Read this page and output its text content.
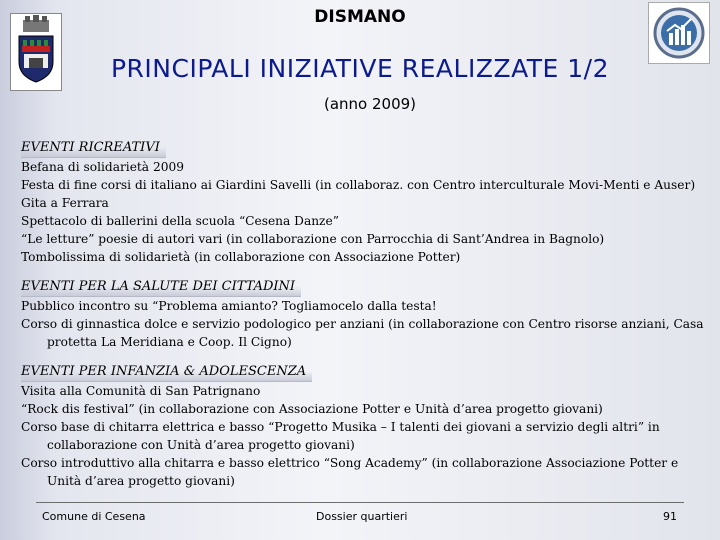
DISMANO
PRINCIPALI INIZIATIVE REALIZZATE 1/2
(anno 2009)
EVENTI RICREATIVI
Befana di solidarietà 2009
Festa di fine corsi di italiano ai Giardini Savelli (in collaboraz. con Centro interculturale Movi-Menti e Auser)
Gita a Ferrara
Spettacolo di ballerini della scuola “Cesena Danze”
“Le letture” poesie di autori vari (in collaborazione con Parrocchia di Sant’Andrea in Bagnolo)
Tombolissima di solidarietà (in collaborazione con Associazione Potter)
EVENTI PER LA SALUTE DEI CITTADINI
Pubblico incontro su “Problema amianto? Togliamocelo dalla testa!
Corso di ginnastica dolce e servizio podologico per anziani (in collaborazione con Centro risorse anziani, Casa protetta La Meridiana e Coop. Il Cigno)
EVENTI PER INFANZIA & ADOLESCENZA
Visita alla Comunità di San Patrignano
“Rock dis festival” (in collaborazione con Associazione Potter e Unità d’area progetto giovani)
Corso base di chitarra elettrica e basso “Progetto Musika – I talenti dei giovani a servizio degli altri” in collaborazione con Unità d’area progetto giovani)
Corso introduttivo alla chitarra e basso elettrico “Song Academy” (in collaborazione Associazione Potter e Unità d’area progetto giovani)
Comune di Cesena	Dossier quartieri	91
